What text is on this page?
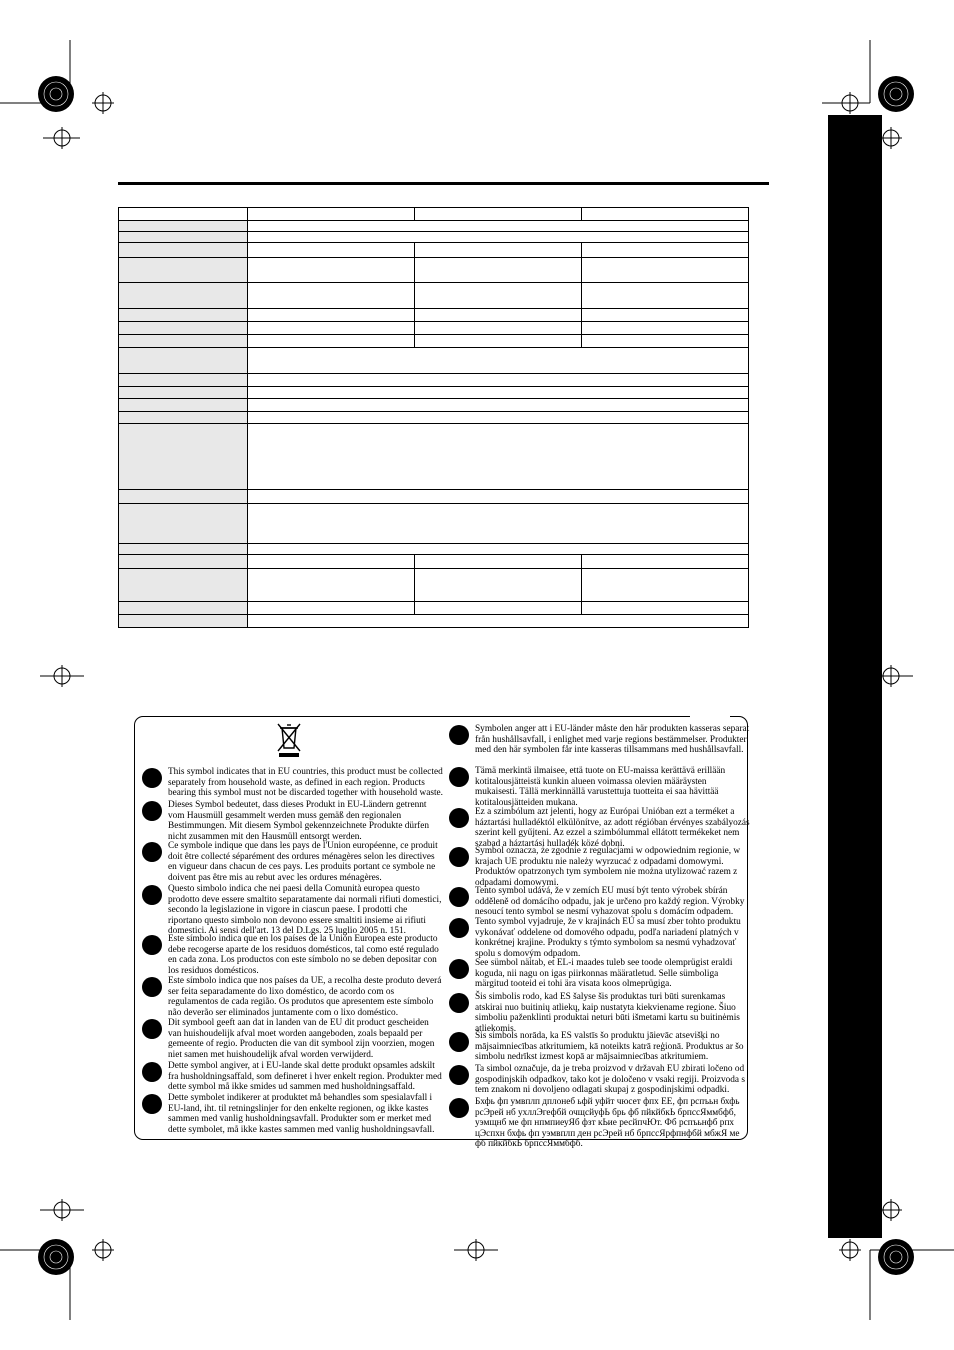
This symbol indicates that in EU countries, this product must be collected separately from household waste, as defined in each region. Products bearing this symbol must not be discarded together with household waste.
Dieses Symbol bedeutet, dass dieses Produkt in EU-Ländern getrennt vom Hausmüll gesammelt werden muss gemäß den regionalen Bestimmungen. Mit diesem Symbol gekennzeichnete Produkte dürfen nicht zusammen mit den Hausmüll entsorgt werden.
Ce symbole indique que dans les pays de l'Union européenne, ce produit doit être collecté séparément des ordures ménagères selon les directives en vigueur dans chacun de ces pays. Les produits portant ce symbole ne doivent pas être mis au rebut avec les ordures ménagères.
Questo simbolo indica che nei paesi della Comunità europea questo prodotto deve essere smaltito separatamente dai normali rifiuti domestici, secondo la legislazione in vigore in ciascun paese. I prodotti che riportano questo simbolo non devono essere smaltiti insieme ai rifiuti domestici. Ai sensi dell'art. 13 del D.Lgs. 25 luglio 2005 n. 151.
Este símbolo indica que en los países de la Unión Europea este producto debe recogerse aparte de los residuos domésticos, tal como esté regulado en cada zona. Los productos con este símbolo no se deben depositar con los residuos domésticos.
Este símbolo indica que nos países da UE, a recolha deste produto deverá ser feita separadamente do lixo doméstico, de acordo com os regulamentos de cada região. Os produtos que apresentem este símbolo não deverão ser eliminados juntamente com o lixo doméstico.
Dit symbool geeft aan dat in landen van de EU dit product gescheiden van huishoudelijk afval moet worden aangeboden, zoals bepaald per gemeente of regio. Producten die van dit symbool zijn voorzien, mogen niet samen met huishoudelijk afval worden verwijderd.
Dette symbol angiver, at i EU-lande skal dette produkt opsamles adskilt fra husholdningsaffald, som defineret i hver enkelt region. Produkter med dette symbol må ikke smides ud sammen med husholdningsaffald.
Dette symbolet indikerer at produktet må behandles som spesialavfall i EU-land, iht. til retningslinjer for den enkelte regionen, og ikke kastes sammen med vanlig husholdningsavfall. Produkter som er merket med dette symbolet, må ikke kastes sammen med vanlig husholdningsavfall.
Symbolen anger att i EU-länder måste den här produkten kasseras separat från hushållsavfall, i enlighet med varje regions bestämmelser. Produkter med den här symbolen får inte kasseras tillsammans med hushållsavfall.
Tämä merkintä ilmaisee, että tuote on EU-maissa kerättävä erillään kotitalousjätteistä kunkin alueen voimassa olevien määräysten mukaisesti. Tällä merkinnällä varustettuja tuotteita ei saa hävittää kotitalousjätteiden mukana.
Ez a szimbólum azt jelenti, hogy az Európai Unióban ezt a terméket a háztartási hulladéktól elkülönítve, az adott régióban érvényes szabályozás szerint kell gyűjteni. Az ezzel a szimbólummal ellátott termékeket nem szabad a háztartási hulladék közé dobni.
Symbol oznacza, że zgodnie z regulacjami w odpowiednim regionie, w krajach UE produktu nie należy wyrzucać z odpadami domowymi. Produktów opatrzonych tym symbolem nie można utylizować razem z odpadami domowymi.
Tento symbol udává, že v zemích EU musí být tento výrobek sbírán odděleně od domácího odpadu, jak je určeno pro každý region. Výrobky nesoucí tento symbol se nesmí vyhazovat spolu s domácím odpadem.
Tento symbol vyjadruje, že v krajinách EÚ sa musí zber tohto produktu vykonávať oddelene od domového odpadu, podľa nariadení platných v konkrétnej krajine. Produkty s týmto symbolom sa nesmú vyhadzovať spolu s domovým odpadom.
See sümbol näitab, et EL-i maades tuleb see toode olemprügist eraldi koguda, nii nagu on igas piirkonnas määratletud. Selle sümboliga märgitud tooteid ei tohi ära visata koos olmeprügiga.
Šis simbolis rodo, kad ES šalyse šis produktas turi būti surenkamas atskirai nuo buitinių atliekų, kaip nustatyta kiekviename regione. Šiuo simboliu paženklinti produktai neturi būti išmetami kartu su buitinėmis atliekomis.
Šis simbols norāda, ka ES valstīs šo produktu jāievāc atsevišķi no mājsaimniecības atkritumiem, kā noteikts katrā reģionā. Produktus ar šo simbolu nedrīkst izmest kopā ar mājsaimniecības atkritumiem.
Ta simbol označuje, da je treba proizvod v državah EU zbirati ločeno od gospodinjskih odpadkov, tako kot je določeno v vsaki regiji. Proizvoda s tem znakom ni dovoljeno odlagati skupaj z gospodinjskimi odpadki.
Бхфь фп умвплп дплонеб ьфй уфйт чюсет фпх ЕЕ, фп рспъьн бхфь рсЭрей нб ухллЭгефбй очщсйуфЬ брь фб пйкйбкЬ брпссЯммбфб, уэмщнб ме фп нпмпиеуЯб фзт кЬие ресйпчЮт. Фб рспъьнфб рпх цЭспхн бхфь фп уэмвплп ден рсЭрей нб брпссЯрфпнфбй мбжЯ ме фб пйкйбкЬ брпссЯммбфб.
